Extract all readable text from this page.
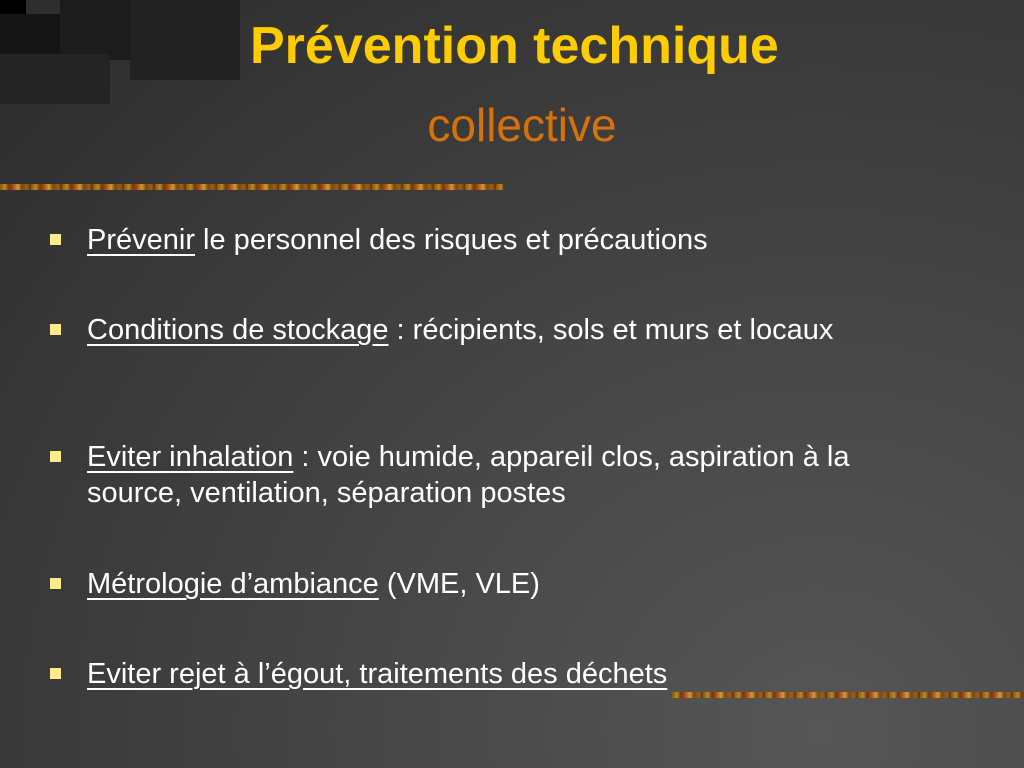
Prévention technique
collective
Prévenir le personnel des risques et précautions
Conditions de stockage : récipients, sols et murs et locaux
Eviter inhalation : voie humide, appareil clos, aspiration à la source, ventilation, séparation postes
Métrologie d’ambiance (VME, VLE)
Eviter rejet à l’égout, traitements des déchets
